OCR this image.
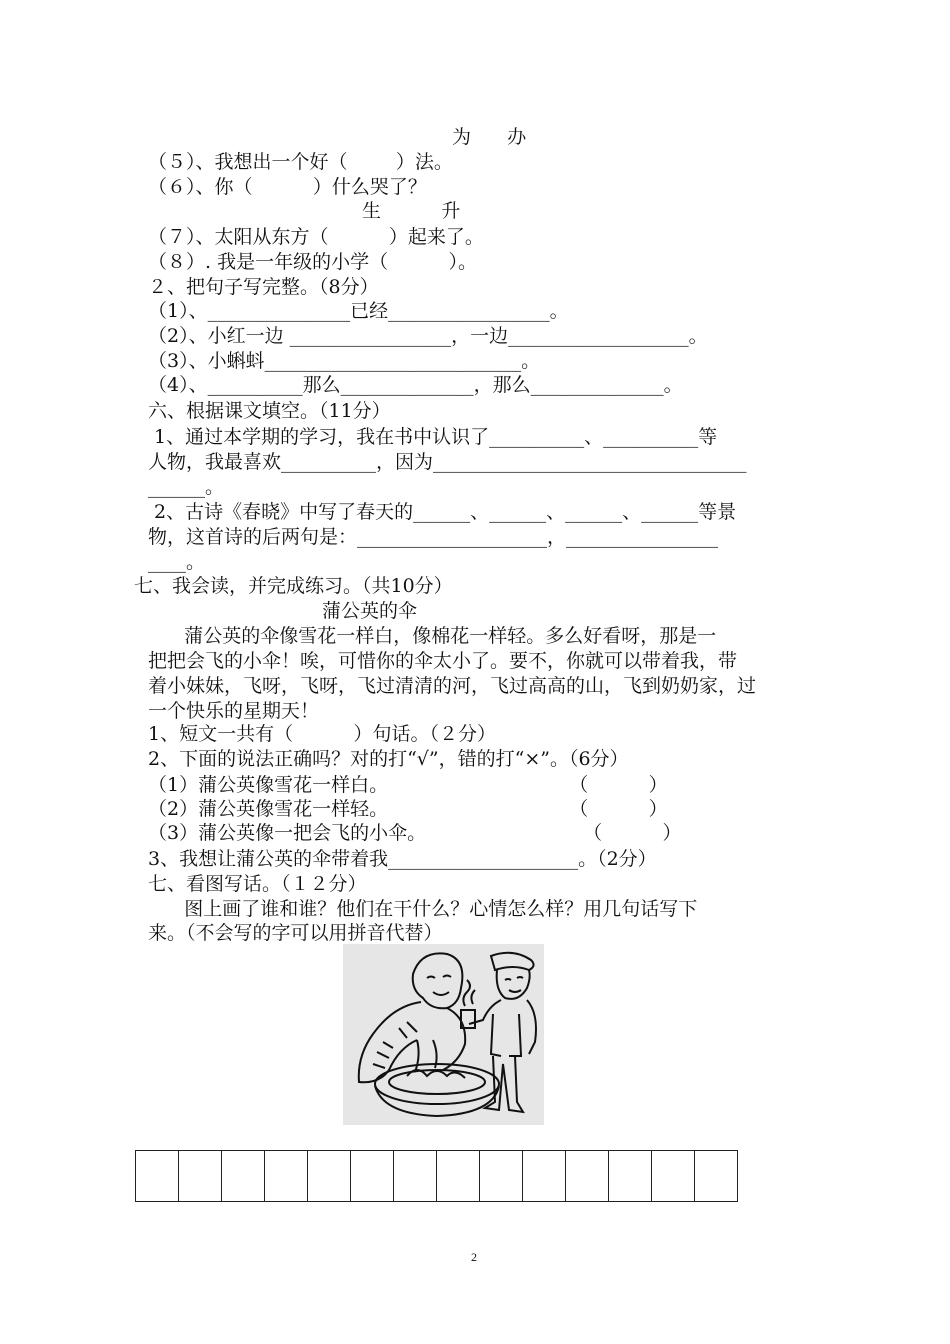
为      办
（５）、我想出一个好（        ）法。
（６）、你（          ）什么哭了？
生          升
（７）、太阳从东方（          ）起来了。
（８）. 我是一年级的小学（          ）。
２、把句子写完整。（8分）
（1）、_______________已经_________________。
（2）、小红一边 _________________，一边___________________。
（3）、小蝌蚪___________________________。
（4）、__________那么______________，那么______________。
六、根据课文填空。（11分）
1、通过本学期的学习，我在书中认识了__________、__________等
人物，我最喜欢__________，因为_________________________________
______。
2、古诗《春晓》中写了春天的______、______、______、______等景
物，这首诗的后两句是：____________________，________________
____。
七、我会读，并完成练习。（共10分）
蒲公英的伞
蒲公英的伞像雪花一样白，像棉花一样轻。多么好看呀，那是一
把把会飞的小伞！唉，可惜你的伞太小了。要不，你就可以带着我，带
着小妹妹，飞呀，飞呀，飞过清清的河，飞过高高的山，飞到奶奶家，过
一个快乐的星期天！
1、短文一共有（          ）句话。（２分）
2、下面的说法正确吗？对的打“√”，错的打“×”。（6分）
（1）蒲公英像雪花一样白。                              （          ）
（2）蒲公英像雪花一样轻。                              （          ）
（3）蒲公英像一把会飞的小伞。                          （          ）
3、我想让蒲公英的伞带着我____________________。（2分）
七、看图写话。（１２分）
图上画了谁和谁？他们在干什么？心情怎么样？用几句话写下
来。（不会写的字可以用拼音代替）
2
